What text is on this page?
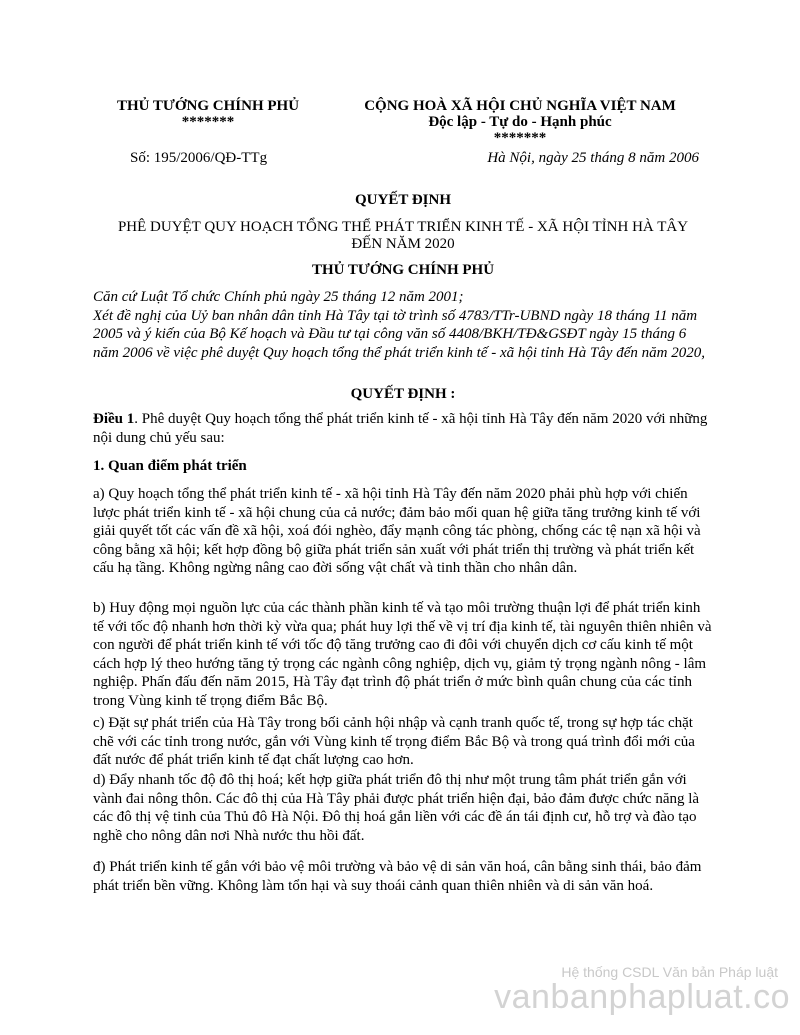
THỦ TƯỚNG CHÍNH PHỦ
*******
Số: 195/2006/QĐ-TTg
CỘNG HOÀ XÃ HỘI CHỦ NGHĨA VIỆT NAM
Độc lập - Tự do - Hạnh phúc
*******
Hà Nội, ngày 25 tháng 8 năm 2006
QUYẾT ĐỊNH
PHÊ DUYỆT QUY HOẠCH TỔNG THỂ PHÁT TRIỂN KINH TẾ - XÃ HỘI TỈNH HÀ TÂY
ĐẾN NĂM 2020
THỦ TƯỚNG CHÍNH PHỦ

Căn cứ Luật Tổ chức Chính phủ ngày 25 tháng 12 năm 2001;

Xét đề nghị của Uỷ ban nhân dân tỉnh Hà Tây tại tờ trình số 4783/TTr-UBND ngày 18 tháng 11 năm 2005 và ý kiến của Bộ Kế hoạch và Đầu tư tại công văn số 4408/BKH/TĐ&GSĐT ngày 15 tháng 6 năm 2006 về việc phê duyệt Quy hoạch tổng thể phát triển kinh tế - xã hội tỉnh Hà Tây đến năm 2020,

QUYẾT ĐỊNH :
Điều 1. Phê duyệt Quy hoạch tổng thể phát triển kinh tế - xã hội tỉnh Hà Tây đến năm 2020 với những nội dung chủ yếu sau:
1. Quan điểm phát triển
a) Quy hoạch tổng thể phát triển kinh tế - xã hội tỉnh Hà Tây đến năm 2020 phải phù hợp với chiến lược phát triển kinh tế - xã hội chung của cả nước; đảm bảo mối quan hệ giữa tăng trưởng kinh tế với giải quyết tốt các vấn đề xã hội, xoá đói nghèo, đẩy mạnh công tác phòng, chống các tệ nạn xã hội và công bằng xã hội; kết hợp đồng bộ giữa phát triển sản xuất với phát triển thị trường và phát triển kết cấu hạ tầng. Không ngừng nâng cao đời sống vật chất và tinh thần cho nhân dân.
b) Huy động mọi nguồn lực của các thành phần kinh tế và tạo môi trường thuận lợi để phát triển kinh tế với tốc độ nhanh hơn thời kỳ vừa qua; phát huy lợi thế về vị trí địa kinh tế, tài nguyên thiên nhiên và con người để phát triển kinh tế với tốc độ tăng trưởng cao đi đôi với chuyển dịch cơ cấu kinh tế một cách hợp lý theo hướng tăng tỷ trọng các ngành công nghiệp, dịch vụ, giảm tỷ trọng ngành nông - lâm nghiệp. Phấn đấu đến năm 2015, Hà Tây đạt trình độ phát triển ở mức bình quân chung của các tỉnh trong Vùng kinh tế trọng điểm Bắc Bộ.
c) Đặt sự phát triển của Hà Tây trong bối cảnh hội nhập và cạnh tranh quốc tế, trong sự hợp tác chặt chẽ với các tỉnh trong nước, gắn với Vùng kinh tế trọng điểm Bắc Bộ và trong quá trình đổi mới của đất nước để phát triển kinh tế đạt chất lượng cao hơn.
d) Đẩy nhanh tốc độ đô thị hoá; kết hợp giữa phát triển đô thị như một trung tâm phát triển gắn với vành đai nông thôn. Các đô thị của Hà Tây phải được phát triển hiện đại, bảo đảm được chức năng là các đô thị vệ tinh của Thủ đô Hà Nội. Đô thị hoá gắn liền với các đề án tái định cư, hỗ trợ và đào tạo nghề cho nông dân nơi Nhà nước thu hồi đất.
đ) Phát triển kinh tế gắn với bảo vệ môi trường và bảo vệ di sản văn hoá, cân bằng sinh thái, bảo đảm phát triển bền vững. Không làm tổn hại và suy thoái cảnh quan thiên nhiên và di sản văn hoá.
Hệ thống CSDL Văn bản Pháp luật
vanbanphapluat.co
